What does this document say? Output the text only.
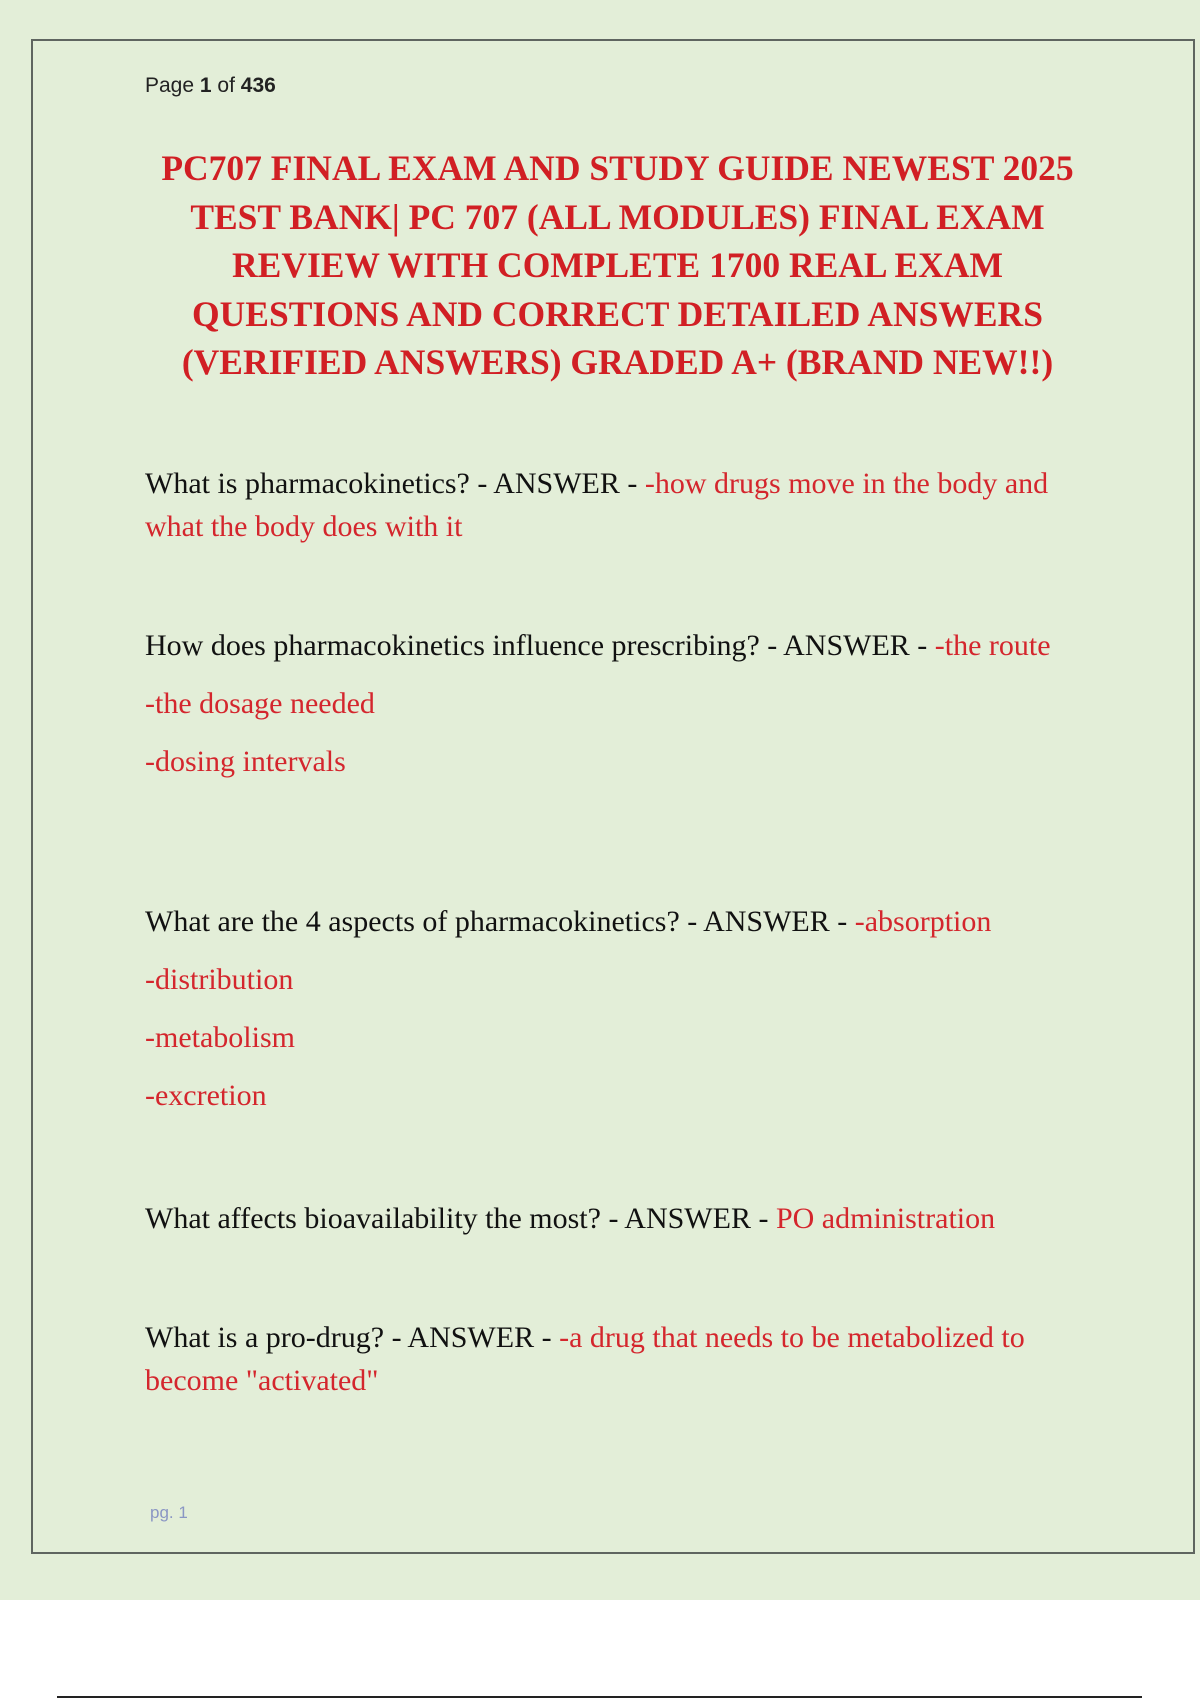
Page 1 of 436
PC707 FINAL EXAM AND STUDY GUIDE NEWEST 2025 TEST BANK| PC 707 (ALL MODULES) FINAL EXAM REVIEW WITH COMPLETE 1700 REAL EXAM QUESTIONS AND CORRECT DETAILED ANSWERS (VERIFIED ANSWERS) GRADED A+ (BRAND NEW!!)
What is pharmacokinetics? - ANSWER - -how drugs move in the body and what the body does with it
How does pharmacokinetics influence prescribing? - ANSWER - -the route
-the dosage needed
-dosing intervals
What are the 4 aspects of pharmacokinetics? - ANSWER - -absorption
-distribution
-metabolism
-excretion
What affects bioavailability the most? - ANSWER - PO administration
What is a pro-drug? - ANSWER - -a drug that needs to be metabolized to become "activated"
pg. 1
